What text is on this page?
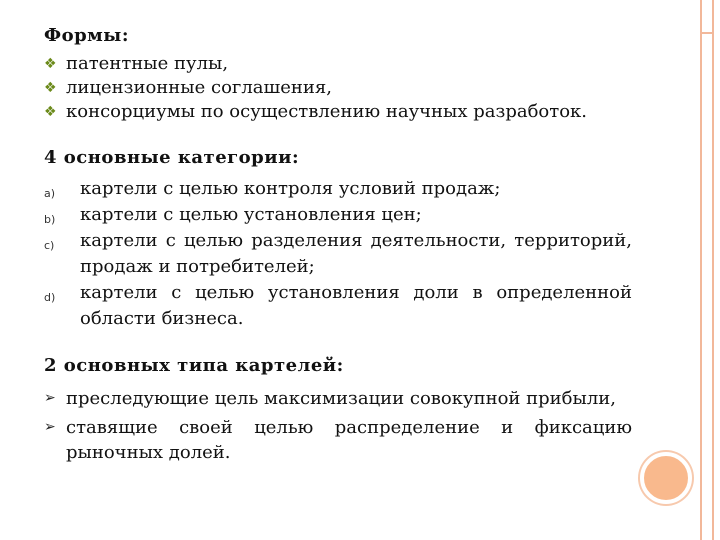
Формы:

❖ патентные пулы,
❖ лицензионные соглашения,
❖ консорциумы по осуществлению научных разработок.

4 основные категории:

a)	картели с целью контроля условий продаж;
b)	картели с целью установления цен;
c)	картели с целью разделения деятельности, территорий, продаж и потребителей;
d)	картели с целью установления доли в определенной области бизнеса.

2 основных типа картелей:

➢ преследующие цель максимизации совокупной прибыли,
➢ ставящие своей целью распределение и фиксацию рыночных долей.
